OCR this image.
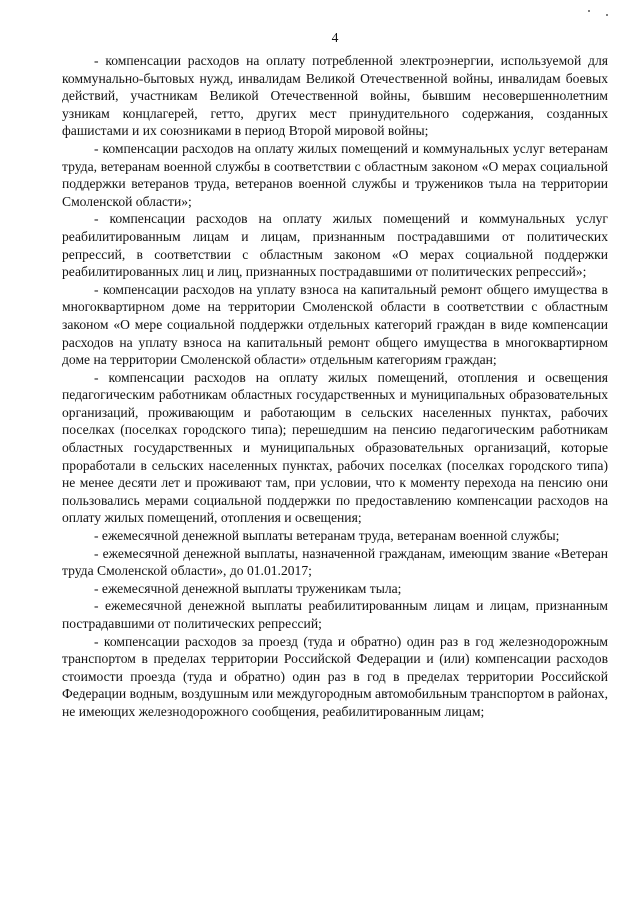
4

- компенсации расходов на оплату потребленной электроэнергии, используемой для коммунально-бытовых нужд, инвалидам Великой Отечественной войны, инвалидам боевых действий, участникам Великой Отечественной войны, бывшим несовершеннолетним узникам концлагерей, гетто, других мест принудительного содержания, созданных фашистами и их союзниками в период Второй мировой войны;

- компенсации расходов на оплату жилых помещений и коммунальных услуг ветеранам труда, ветеранам военной службы в соответствии с областным законом «О мерах социальной поддержки ветеранов труда, ветеранов военной службы и тружеников тыла на территории Смоленской области»;

- компенсации расходов на оплату жилых помещений и коммунальных услуг реабилитированным лицам и лицам, признанным пострадавшими от политических репрессий, в соответствии с областным законом «О мерах социальной поддержки реабилитированных лиц и лиц, признанных пострадавшими от политических репрессий»;

- компенсации расходов на уплату взноса на капитальный ремонт общего имущества в многоквартирном доме на территории Смоленской области в соответствии с областным законом «О мере социальной поддержки отдельных категорий граждан в виде компенсации расходов на уплату взноса на капитальный ремонт общего имущества в многоквартирном доме на территории Смоленской области» отдельным категориям граждан;

- компенсации расходов на оплату жилых помещений, отопления и освещения педагогическим работникам областных государственных и муниципальных образовательных организаций, проживающим и работающим в сельских населенных пунктах, рабочих поселках (поселках городского типа); перешедшим на пенсию педагогическим работникам областных государственных и муниципальных образовательных организаций, которые проработали в сельских населенных пунктах, рабочих поселках (поселках городского типа) не менее десяти лет и проживают там, при условии, что к моменту перехода на пенсию они пользовались мерами социальной поддержки по предоставлению компенсации расходов на оплату жилых помещений, отопления и освещения;

- ежемесячной денежной выплаты ветеранам труда, ветеранам военной службы;

- ежемесячной денежной выплаты, назначенной гражданам, имеющим звание «Ветеран труда Смоленской области», до 01.01.2017;

- ежемесячной денежной выплаты труженикам тыла;

- ежемесячной денежной выплаты реабилитированным лицам и лицам, признанным пострадавшими от политических репрессий;

- компенсации расходов за проезд (туда и обратно) один раз в год железнодорожным транспортом в пределах территории Российской Федерации и (или) компенсации расходов стоимости проезда (туда и обратно) один раз в год в пределах территории Российской Федерации водным, воздушным или междугородным автомобильным транспортом в районах, не имеющих железнодорожного сообщения, реабилитированным лицам;
